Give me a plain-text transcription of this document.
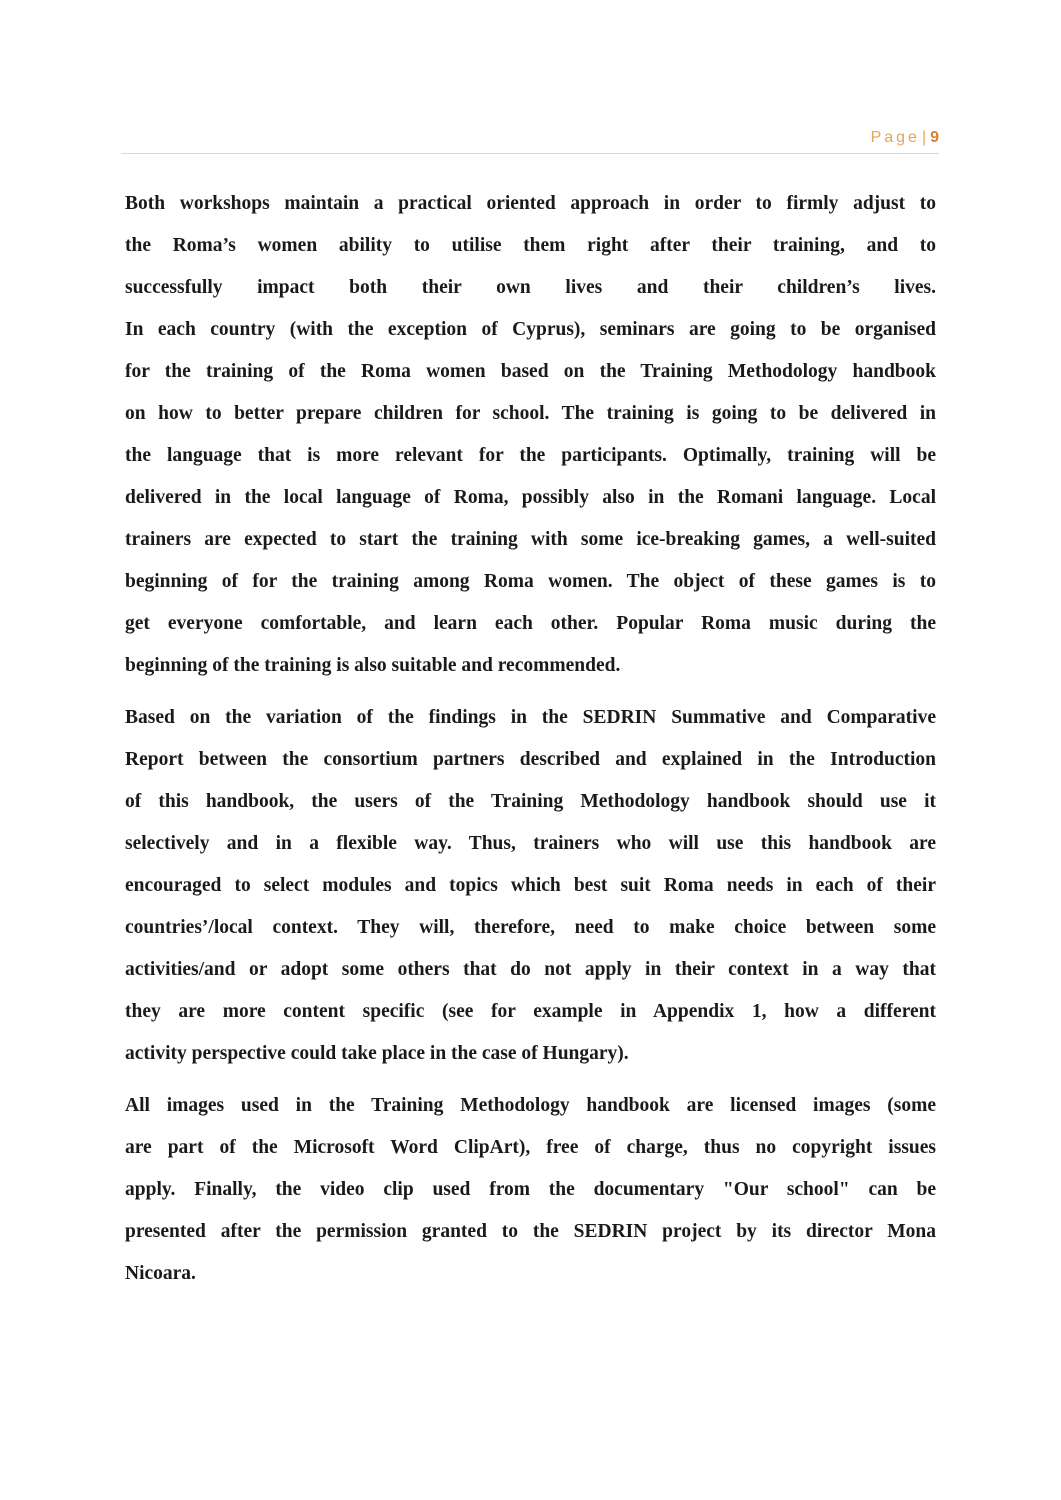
Page | 9
Both workshops maintain a practical oriented approach in order to firmly adjust to
the Roma’s women ability to utilise them right after their training, and to
successfully impact both their own lives and their children’s lives.
In each country (with the exception of Cyprus), seminars are going to be organised
for the training of the Roma women based on the Training Methodology handbook
on how to better prepare children for school. The training is going to be delivered in
the language that is more relevant for the participants. Optimally, training will be
delivered in the local language of Roma, possibly also in the Romani language. Local
trainers are expected to start the training with some ice-breaking games, a well-suited
beginning of for the training among Roma women. The object of these games is to
get everyone comfortable, and learn each other. Popular Roma music during the
beginning of the training is also suitable and recommended.
Based on the variation of the findings in the SEDRIN Summative and Comparative
Report between the consortium partners described and explained in the Introduction
of this handbook, the users of the Training Methodology handbook should use it
selectively and in a flexible way. Thus, trainers who will use this handbook are
encouraged to select modules and topics which best suit Roma needs in each of their
countries’/local context. They will, therefore, need to make choice between some
activities/and or adopt some others that do not apply in their context in a way that
they are more content specific (see for example in Appendix 1, how a different
activity perspective could take place in the case of Hungary).
All images used in the Training Methodology handbook are licensed images (some
are part of the Microsoft Word ClipArt), free of charge, thus no copyright issues
apply. Finally, the video clip used from the documentary "Our school" can be
presented after the permission granted to the SEDRIN project by its director Mona
Nicoara.
